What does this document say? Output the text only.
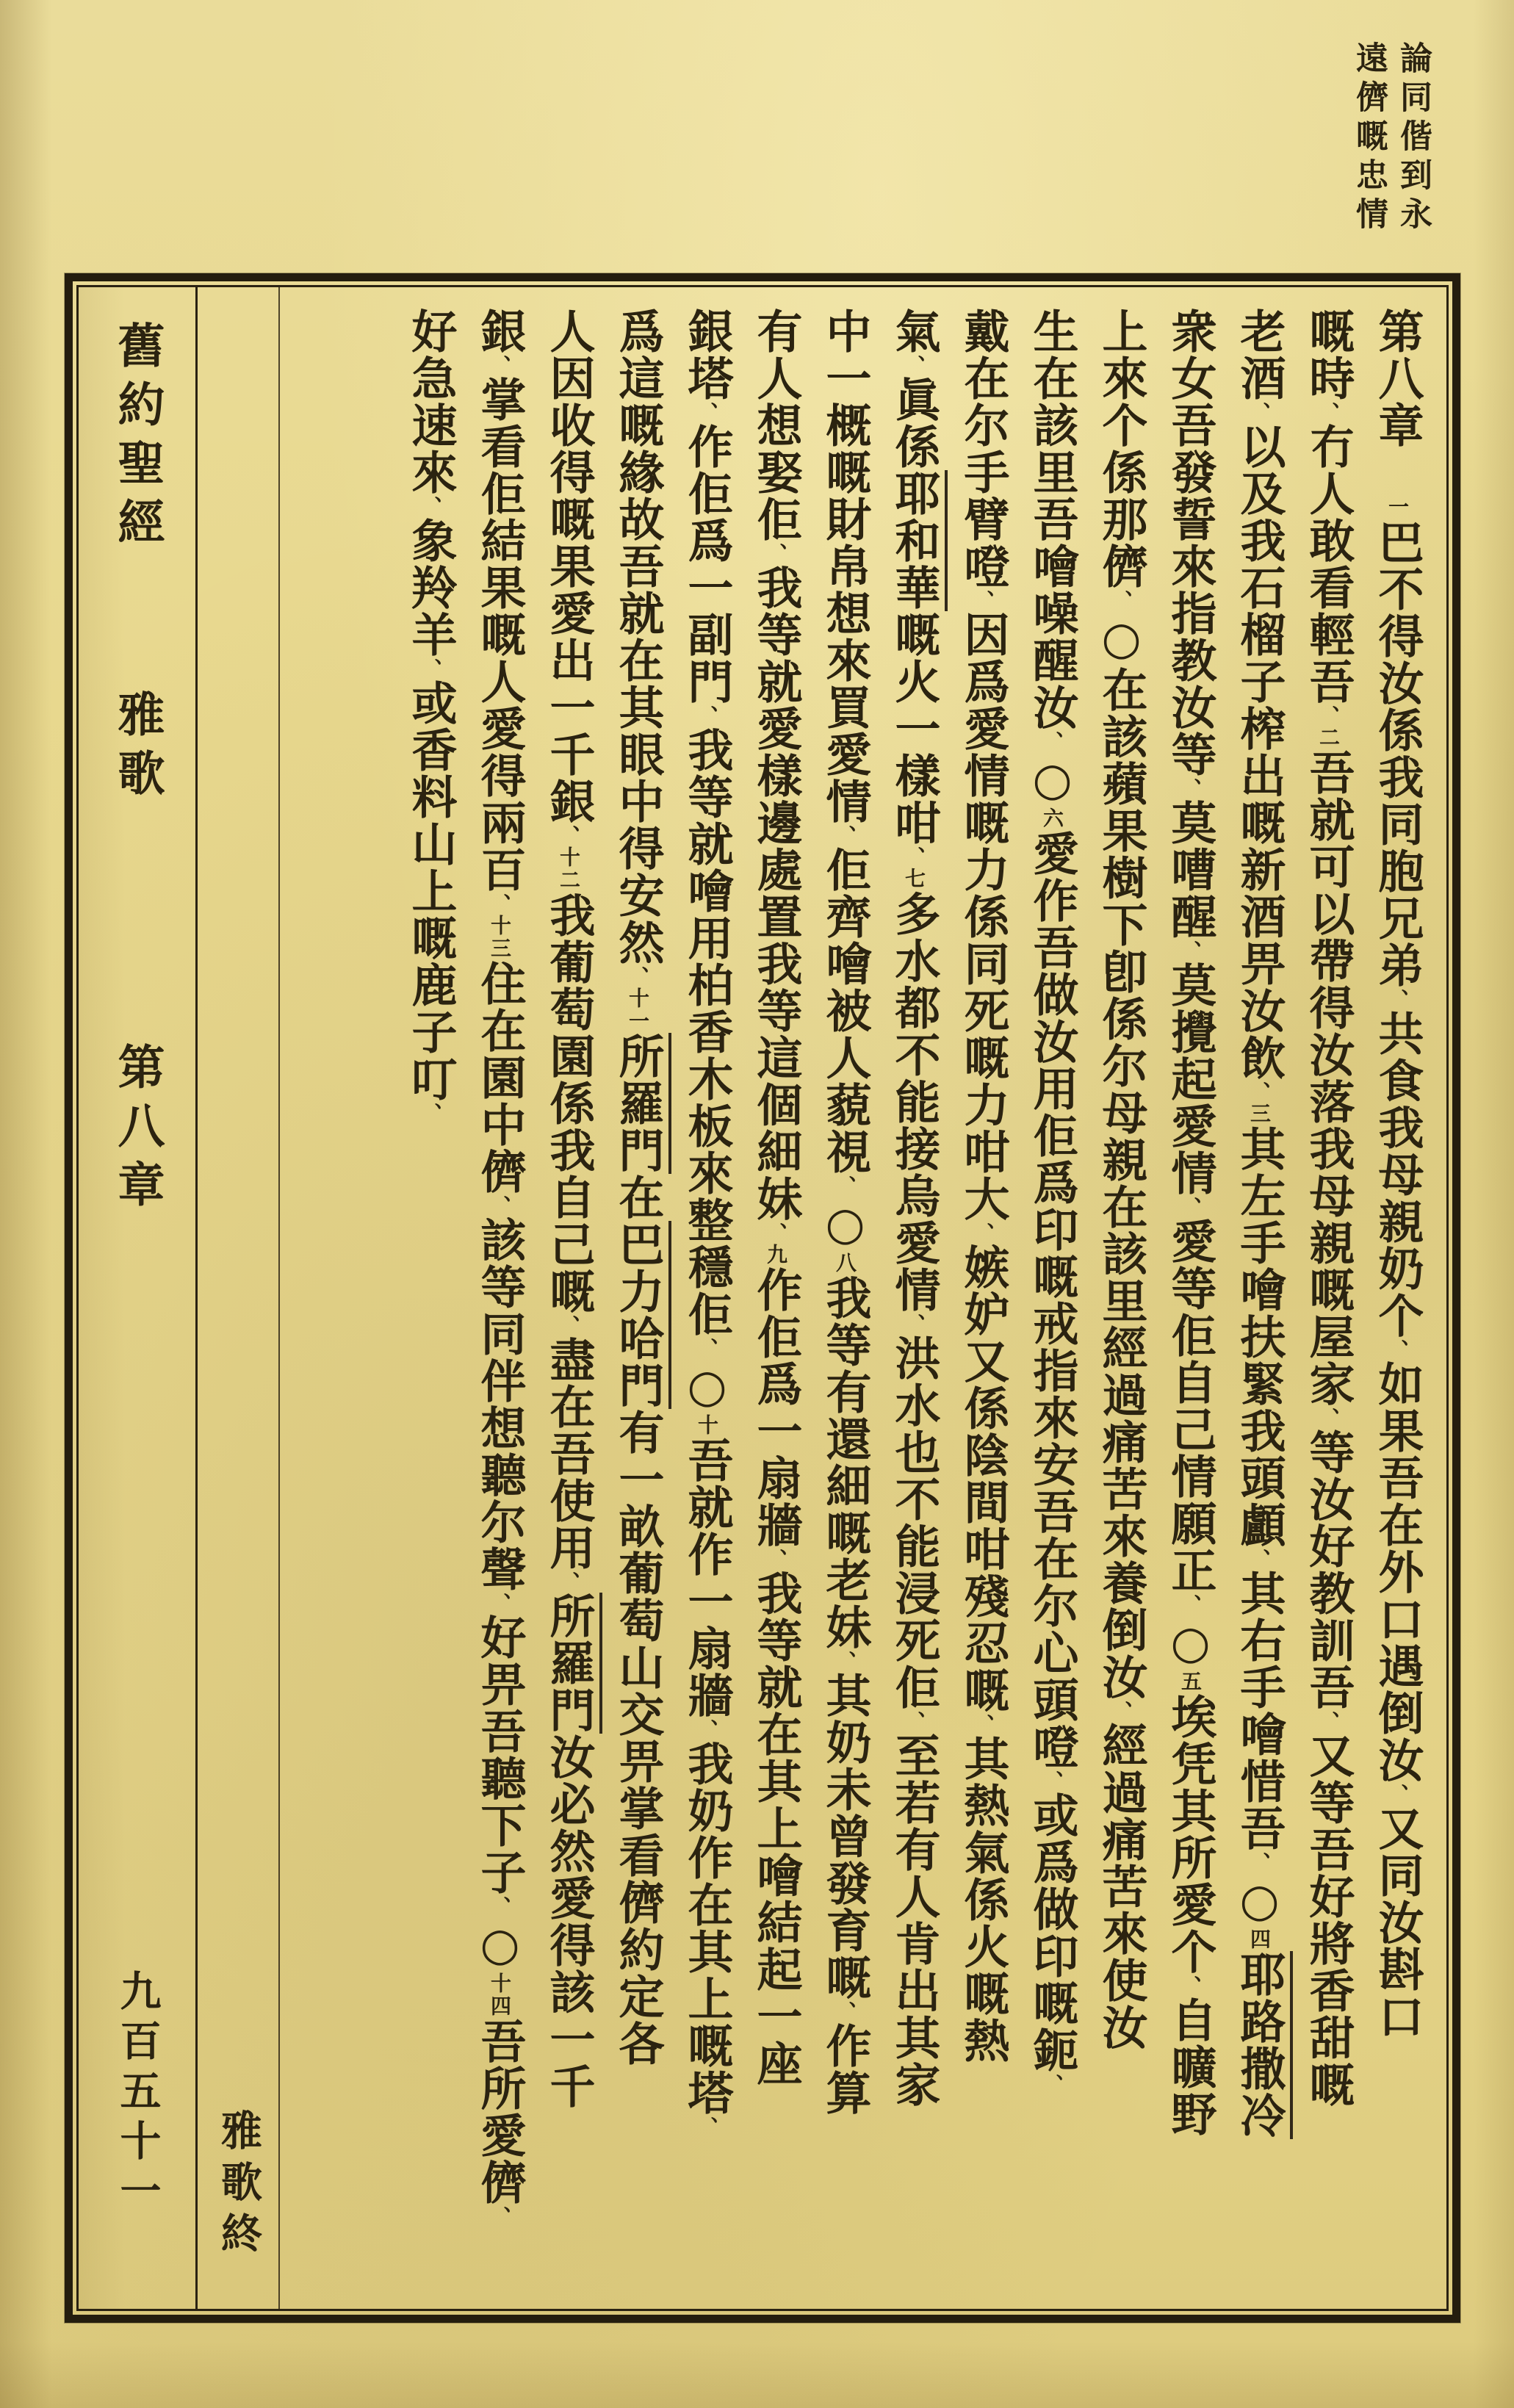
論同偕到永
遠儕嘅忠情
舊約聖經 雅歌 第八章
九百五十一 雅歌終
第八章　一巴不得汝係我同胞兄弟、共食我母親奶个、如果吾在外口遇倒汝、又同汝斟口
嘅時、冇人敢看輕吾、二吾就可以帶得汝落我母親嘅屋家、等汝好教訓吾、又等吾好將香甜嘅
老酒、以及我石榴子榨出嘅新酒畀汝飲、三其左手噲扶緊我頭顱、其右手噲惜吾、○四耶路撒冷
衆女吾發誓來指教汝等、莫嘈醒、莫攪起愛情、愛等佢自己情願正、○五埃凭其所愛个、自曠野
上來个係那儕、○在該蘋果樹下卽係尔母親在該里經過痛苦來養倒汝、經過痛苦來使汝
生在該里吾噲噪醒汝、○六愛作吾做汝用佢爲印嘅戒指來安吾在尔心頭噔、或爲做印嘅鈪、
戴在尔手臂噔、因爲愛情嘅力係同死嘅力咁大、嫉妒又係陰間咁殘忍嘅、其熱氣係火嘅熱
氣、眞係耶和華嘅火一樣咁、七多水都不能接烏愛情、洪水也不能浸死佢、至若有人肯出其家
中一概嘅財帛想來買愛情、佢齊噲被人藐視、○八我等有還細嘅老妹、其奶未曾發育嘅、作算
有人想娶佢、我等就愛樣邊處置我等這個細妹、九作佢爲一扇牆、我等就在其上噲結起一座
銀塔、作佢爲一副門、我等就噲用柏香木板來整穩佢、○十吾就作一扇牆、我奶作在其上嘅塔、
爲這嘅緣故吾就在其眼中得安然、十一所羅門在巴力哈門有一畝葡萄山交畀掌看儕約定各
人因收得嘅果愛出一千銀、十二我葡萄園係我自己嘅、盡在吾使用、所羅門汝必然愛得該一千
銀、掌看佢結果嘅人愛得兩百、十三住在園中儕、該等同伴想聽尔聲、好畀吾聽下子、○十四吾所愛儕、
好急速來、象羚羊、或香料山上嘅鹿子叮、
